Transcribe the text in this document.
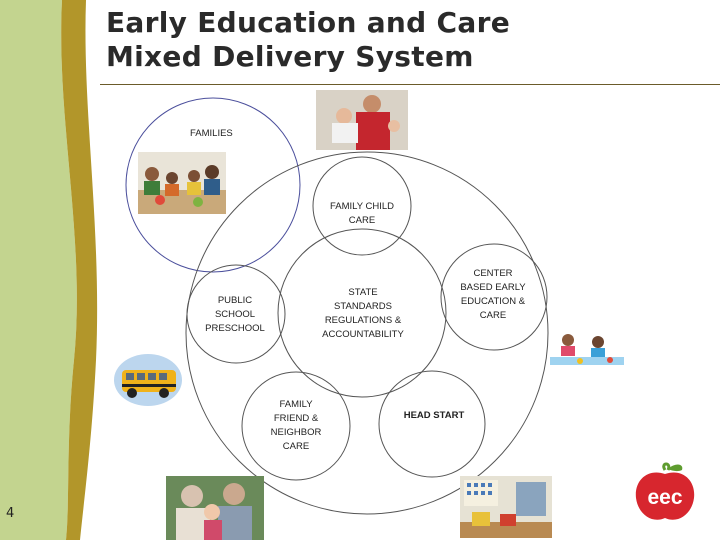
Early Education and Care
Mixed Delivery System
FAMILIES
FAMILY CHILD
CARE
STATE
STANDARDS
REGULATIONS &
ACCOUNTABILITY
CENTER
BASED EARLY
EDUCATION &
CARE
PUBLIC
SCHOOL
PRESCHOOL
FAMILY
FRIEND &
NEIGHBOR
CARE
HEAD START
eec
4
